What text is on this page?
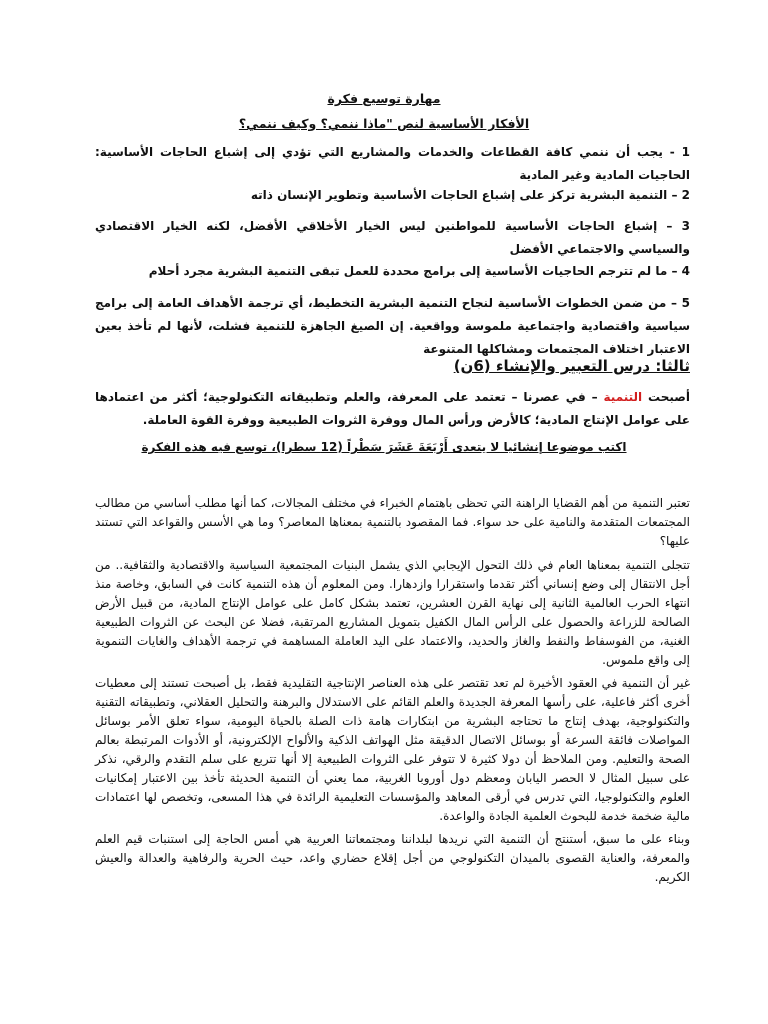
مهارة توسيع فكرة
الأفكار الأساسية لنص "ماذا ننمي؟ وكيف ننمي؟

1 - يجب أن ننمي كافة القطاعات والخدمات والمشاريع التي تؤدي إلى إشباع الحاجات الأساسية: الحاجيات المادية وغير المادية

2 – التنمية البشرية تركز على إشباع الحاجات الأساسية وتطوير الإنسان ذاته

3 – إشباع الحاجات الأساسية للمواطنين ليس الخيار الأخلاقي الأفضل، لكنه الخيار الاقتصادي والسياسي والاجتماعي الأفضل

4 – ما لم تترجم الحاجيات الأساسية إلى برامج محددة للعمل تبقى التنمية البشرية مجرد أحلام

5 – من ضمن الخطوات الأساسية لنجاح التنمية البشرية التخطيط، أي ترجمة الأهداف العامة إلى برامج سياسية واقتصادية واجتماعية ملموسة وواقعية. إن الصيغ الجاهزة للتنمية فشلت، لأنها لم تأخذ بعين الاعتبار اختلاف المجتمعات ومشاكلها المتنوعة

ثالثا: درس التعبير والإنشاء (6ن)

أصبحت التنمية – في عصرنا – تعتمد على المعرفة، والعلم وتطبيقاته التكنولوجية؛ أكثر من اعتمادها على عوامل الإنتاج المادية؛ كالأرض ورأس المال ووفرة الثروات الطبيعية ووفرة القوة العاملة.

اكتب موضوعا إنشائيا لا يتعدى أَرْبَعَةَ عَشَرَ سَطْراً (12 سطرا)، توسع فيه هذه الفكرة

تعتبر التنمية من أهم القضايا الراهنة التي تحظى باهتمام الخبراء في مختلف المجالات، كما أنها مطلب أساسي من مطالب المجتمعات المتقدمة والنامية على حد سواء. فما المقصود بالتنمية بمعناها المعاصر؟ وما هي الأسس والقواعد التي تستند عليها؟

تتجلى التنمية بمعناها العام في ذلك التحول الإيجابي الذي يشمل البنيات المجتمعية السياسية والاقتصادية والثقافية.. من أجل الانتقال إلى وضع إنساني أكثر تقدما واستقرارا وازدهارا. ومن المعلوم أن هذه التنمية كانت في السابق، وخاصة منذ انتهاء الحرب العالمية الثانية إلى نهاية القرن العشرين، تعتمد بشكل كامل على عوامل الإنتاج المادية، من قبيل الأرض الصالحة للزراعة والحصول على الرأس المال الكفيل بتمويل المشاريع المرتقبة، فضلا عن البحث عن الثروات الطبيعية الغنية، من الفوسفاط والنفط والغاز والحديد، والاعتماد على اليد العاملة المساهمة في ترجمة الأهداف والغايات التنموية إلى واقع ملموس.

غير أن التنمية في العقود الأخيرة لم تعد تقتصر على هذه العناصر الإنتاجية التقليدية فقط، بل أصبحت تستند إلى معطيات أخرى أكثر فاعلية، على رأسها المعرفة الجديدة والعلم القائم على الاستدلال والبرهنة والتحليل العقلاني، وتطبيقاته التقنية والتكنولوجية، بهدف إنتاج ما تحتاجه البشرية من ابتكارات هامة ذات الصلة بالحياة اليومية، سواء تعلق الأمر بوسائل المواصلات فائقة السرعة أو بوسائل الاتصال الدقيقة مثل الهواتف الذكية والألواح الإلكترونية، أو الأدوات المرتبطة بعالم الصحة والتعليم. ومن الملاحظ أن دولا كثيرة لا تتوفر على الثروات الطبيعية إلا أنها تتربع على سلم التقدم والرقي، نذكر على سبيل المثال لا الحصر اليابان ومعظم دول أوروبا الغربية، مما يعني أن التنمية الحديثة تأخذ بين الاعتبار إمكانيات العلوم والتكنولوجيا، التي تدرس في أرقى المعاهد والمؤسسات التعليمية الرائدة في هذا المسعى، وتخصص لها اعتمادات مالية ضخمة خدمة للبحوث العلمية الجادة والواعدة.

وبناء على ما سبق، أستنتج أن التنمية التي نريدها لبلداننا ومجتمعاتنا العربية هي أمس الحاجة إلى استنبات قيم العلم والمعرفة، والعناية القصوى بالميدان التكنولوجي من أجل إقلاع حضاري واعد، حيث الحرية والرفاهية والعدالة والعيش الكريم.
